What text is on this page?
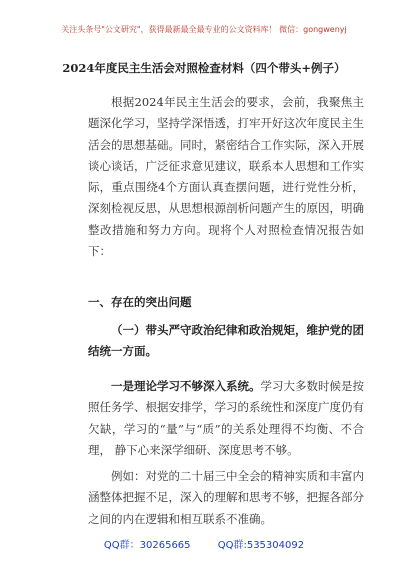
关注头条号"公文研究"，获得最新最全最专业的公文资料库！ 微信：gongwenyj
2024年度民主生活会对照检查材料（四个带头+例子）

根据2024年民主生活会的要求，会前，我聚焦主题深化学习，坚持学深悟透，打牢开好这次年度民主生活会的思想基础。同时，紧密结合工作实际，深入开展谈心谈话，广泛征求意见建议，联系本人思想和工作实际，重点围绕4个方面认真查摆问题，进行党性分析，深刻检视反思，从思想根源剖析问题产生的原因，明确整改措施和努力方向。现将个人对照检查情况报告如下：

一、存在的突出问题

（一）带头严守政治纪律和政治规矩，维护党的团结统一方面。

一是理论学习不够深入系统。学习大多数时候是按照任务学、根据安排学，学习的系统性和深度广度仍有欠缺，学习的“量”与“质”的关系处理得不均衡、不合理， 静下心来深学细研、深度思考不够。

例如：对党的二十届三中全会的精神实质和丰富内涵整体把握不足，深入的理解和思考不够，把握各部分之间的内在逻辑和相互联系不准确。

QQ群：30265665	QQ群:535304092
